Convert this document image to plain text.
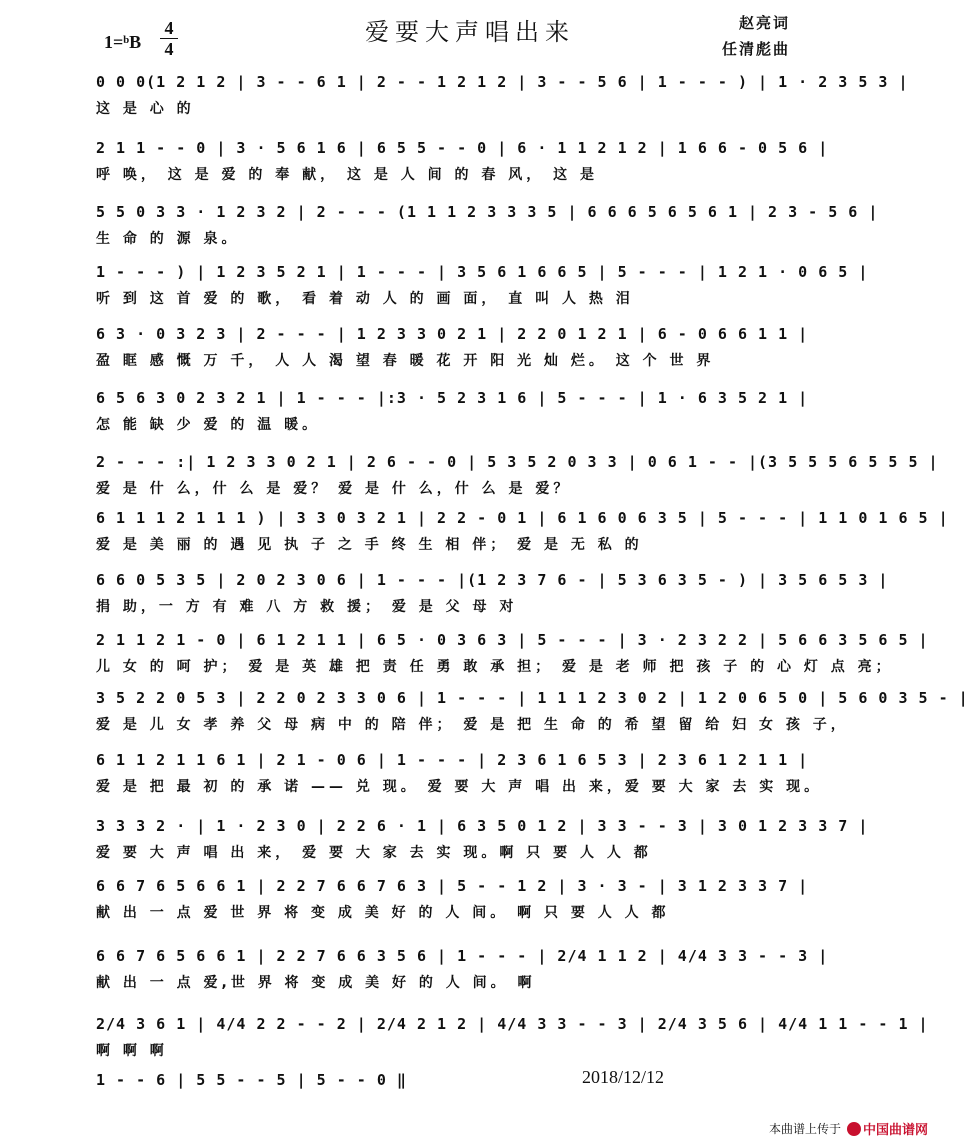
爱要大声唱出来
1=ᵇB
4
4
赵亮词
任清彪曲
0 0 0(1 2 1 2 | 3 - - 6 1 | 2 - - 1 2 1 2 | 3 - - 5 6 | 1 - - - ) | 1 · 2 3 5 3 |
这 是 心 的
2 1 1 - - 0 | 3 · 5 6 1 6 | 6 5 5 - - 0 | 6 · 1 1 2 1 2 | 1 6 6 - 0 5 6 |
呼 唤， 这 是 爱 的 奉 献， 这 是 人 间 的 春 风， 这 是
5 5 0 3 3 · 1 2 3 2 | 2 - - - (1 1 1 2 3 3 3 5 | 6 6 6 5 6 5 6 1 | 2 3 - 5 6 |
生 命 的 源 泉。
1 - - - ) | 1 2 3 5 2 1 | 1 - - - | 3 5 6 1 6 6 5 | 5 - - - | 1 2 1 · 0 6 5 |
听 到 这 首 爱 的 歌， 看 着 动 人 的 画 面， 直 叫 人 热 泪
6 3 · 0 3 2 3 | 2 - - - | 1 2 3 3 0 2 1 | 2 2 0 1 2 1 | 6 - 0 6 6 1 1 |
盈 眶 感 慨 万 千， 人 人 渴 望 春 暖 花 开 阳 光 灿 烂。 这 个 世 界
6 5 6 3 0 2 3 2 1 | 1 - - - |:3 · 5 2 3 1 6 | 5 - - - | 1 · 6 3 5 2 1 |
怎 能 缺 少 爱 的 温 暖。
2 - - - :| 1 2 3 3 0 2 1 | 2 6 - - 0 | 5 3 5 2 0 3 3 | 0 6 1 - - |(3 5 5 5 6 5 5 5 |
爱 是 什 么，什 么 是 爱？ 爱 是 什 么，什 么 是 爱？
6 1 1 1 2 1 1 1 ) | 3 3 0 3 2 1 | 2 2 - 0 1 | 6 1 6 0 6 3 5 | 5 - - - | 1 1 0 1 6 5 |
爱 是 美 丽 的 遇 见 执 子 之 手 终 生 相 伴； 爱 是 无 私 的
6 6 0 5 3 5 | 2 0 2 3 0 6 | 1 - - - |(1 2 3 7 6 - | 5 3 6 3 5 - ) | 3 5 6 5 3 |
捐 助，一 方 有 难 八 方 救 援； 爱 是 父 母 对
2 1 1 2 1 - 0 | 6 1 2 1 1 | 6 5 · 0 3 6 3 | 5 - - - | 3 · 2 3 2 2 | 5 6 6 3 5 6 5 |
儿 女 的 呵 护； 爱 是 英 雄 把 责 任 勇 敢 承 担； 爱 是 老 师 把 孩 子 的 心 灯 点 亮；
3 5 2 2 0 5 3 | 2 2 0 2 3 3 0 6 | 1 - - - | 1 1 1 2 3 0 2 | 1 2 0 6 5 0 | 5 6 0 3 5 - |
爱 是 儿 女 孝 养 父 母 病 中 的 陪 伴； 爱 是 把 生 命 的 希 望 留 给 妇 女 孩 子，
6 1 1 2 1 1 6 1 | 2 1 - 0 6 | 1 - - - | 2 3 6 1 6 5 3 | 2 3 6 1 2 1 1 |
爱 是 把 最 初 的 承 诺 —— 兑 现。 爱 要 大 声 唱 出 来，爱 要 大 家 去 实 现。
3 3 3 2 · | 1 · 2 3 0 | 2 2 6 · 1 | 6 3 5 0 1 2 | 3 3 - - 3 | 3 0 1 2 3 3 7 |
爱 要 大 声 唱 出 来， 爱 要 大 家 去 实 现。啊 只 要 人 人 都
6 6 7 6 5 6 6 1 | 2 2 7 6 6 7 6 3 | 5 - - 1 2 | 3 · 3 - | 3 1 2 3 3 7 |
献 出 一 点 爱 世 界 将 变 成 美 好 的 人 间。 啊 只 要 人 人 都
6 6 7 6 5 6 6 1 | 2 2 7 6 6 3 5 6 | 1 - - - | 2/4 1 1 2 | 4/4 3 3 - - 3 |
献 出 一 点 爱,世 界 将 变 成 美 好 的 人 间。 啊
2/4 3 6 1 | 4/4 2 2 - - 2 | 2/4 2 1 2 | 4/4 3 3 - - 3 | 2/4 3 5 6 | 4/4 1 1 - - 1 |
啊 啊 啊
1 - - 6 | 5 5 - - 5 | 5 - - 0 ‖	2018/12/12
本曲谱上传于 中国曲谱网
